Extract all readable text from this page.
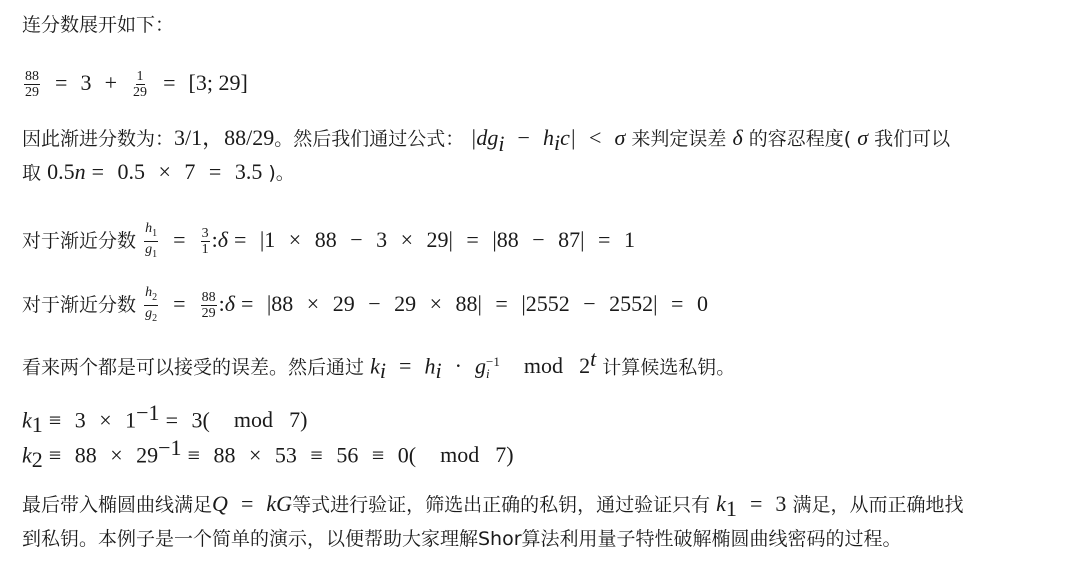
连分数展开如下：
$\frac{88}{29} = 3 + \frac{1}{29} = [3$; 29]
因此渐进分数为：3/1，88/29。然后我们通过公式： $|dg_i - h_ic| < \sigma$ 来判定误差 δ 的容忍程度( σ 我们可以
取 0.5n = 0.5 × 7 = 3.5 )。
对于渐近分数 $\frac{h_1}{g_1} = \frac{3}{1}$ :δ = |1 × 88 − 3 × 29| = |88 − 87| = 1
对于渐近分数 $\frac{h_2}{g_2} = \frac{88}{29}$ :δ = |88 × 29 − 29 × 88| = |2552 − 2552| = 0
看来两个都是可以接受的误差。然后通过 $k_i = h_i \cdot g -1$
i	mod 2$^t$ 计算候选私钥。
$k_1 \equiv 3 \times 1^{-1} = 3$( mod 7)
$k_2 \equiv 88 \times 29^{-1} \equiv 88 \times 53 \equiv 56 \equiv 0$( mod 7)
最后带入椭圆曲线满足Q = kG等式进行验证，筛选出正确的私钥，通过验证只有 $k_1 = 3$ 满足，从而正确地找
到私钥。本例子是一个简单的演示，以便帮助大家理解Shor算法利用量子特性破解椭圆曲线密码的过程。
